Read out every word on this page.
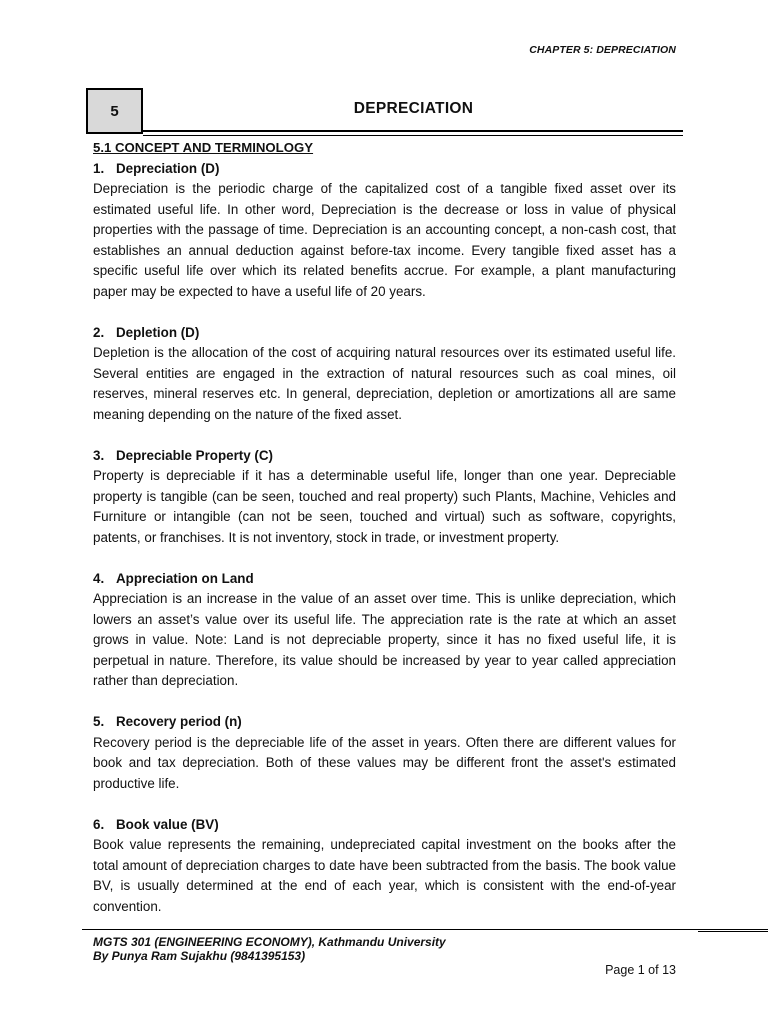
CHAPTER 5: DEPRECIATION
5	DEPRECIATION

5.1 CONCEPT AND TERMINOLOGY

1. Depreciation (D)

Depreciation is the periodic charge of the capitalized cost of a tangible fixed asset over its estimated useful life. In other word, Depreciation is the decrease or loss in value of physical properties with the passage of time. Depreciation is an accounting concept, a non-cash cost, that establishes an annual deduction against before-tax income. Every tangible fixed asset has a specific useful life over which its related benefits accrue. For example, a plant manufacturing paper may be expected to have a useful life of 20 years.

2. Depletion (D)

Depletion is the allocation of the cost of acquiring natural resources over its estimated useful life. Several entities are engaged in the extraction of natural resources such as coal mines, oil reserves, mineral reserves etc. In general, depreciation, depletion or amortizations all are same meaning depending on the nature of the fixed asset.

3. Depreciable Property (C)

Property is depreciable if it has a determinable useful life, longer than one year. Depreciable property is tangible (can be seen, touched and real property) such Plants, Machine, Vehicles and Furniture or intangible (can not be seen, touched and virtual) such as software, copyrights, patents, or franchises. It is not inventory, stock in trade, or investment property.

4. Appreciation on Land

Appreciation is an increase in the value of an asset over time. This is unlike depreciation, which lowers an asset’s value over its useful life. The appreciation rate is the rate at which an asset grows in value. Note: Land is not depreciable property, since it has no fixed useful life, it is perpetual in nature. Therefore, its value should be increased by year to year called appreciation rather than depreciation.

5. Recovery period (n)

Recovery period is the depreciable life of the asset in years. Often there are different values for book and tax depreciation. Both of these values may be different front the asset's estimated productive life.

6. Book value (BV)

Book value represents the remaining, undepreciated capital investment on the books after the total amount of depreciation charges to date have been subtracted from the basis. The book value BV, is usually determined at the end of each year, which is consistent with the end-of-year convention.

MGTS 301 (ENGINEERING ECONOMY), Kathmandu University
By Punya Ram Sujakhu (9841395153)
Page 1 of 13
